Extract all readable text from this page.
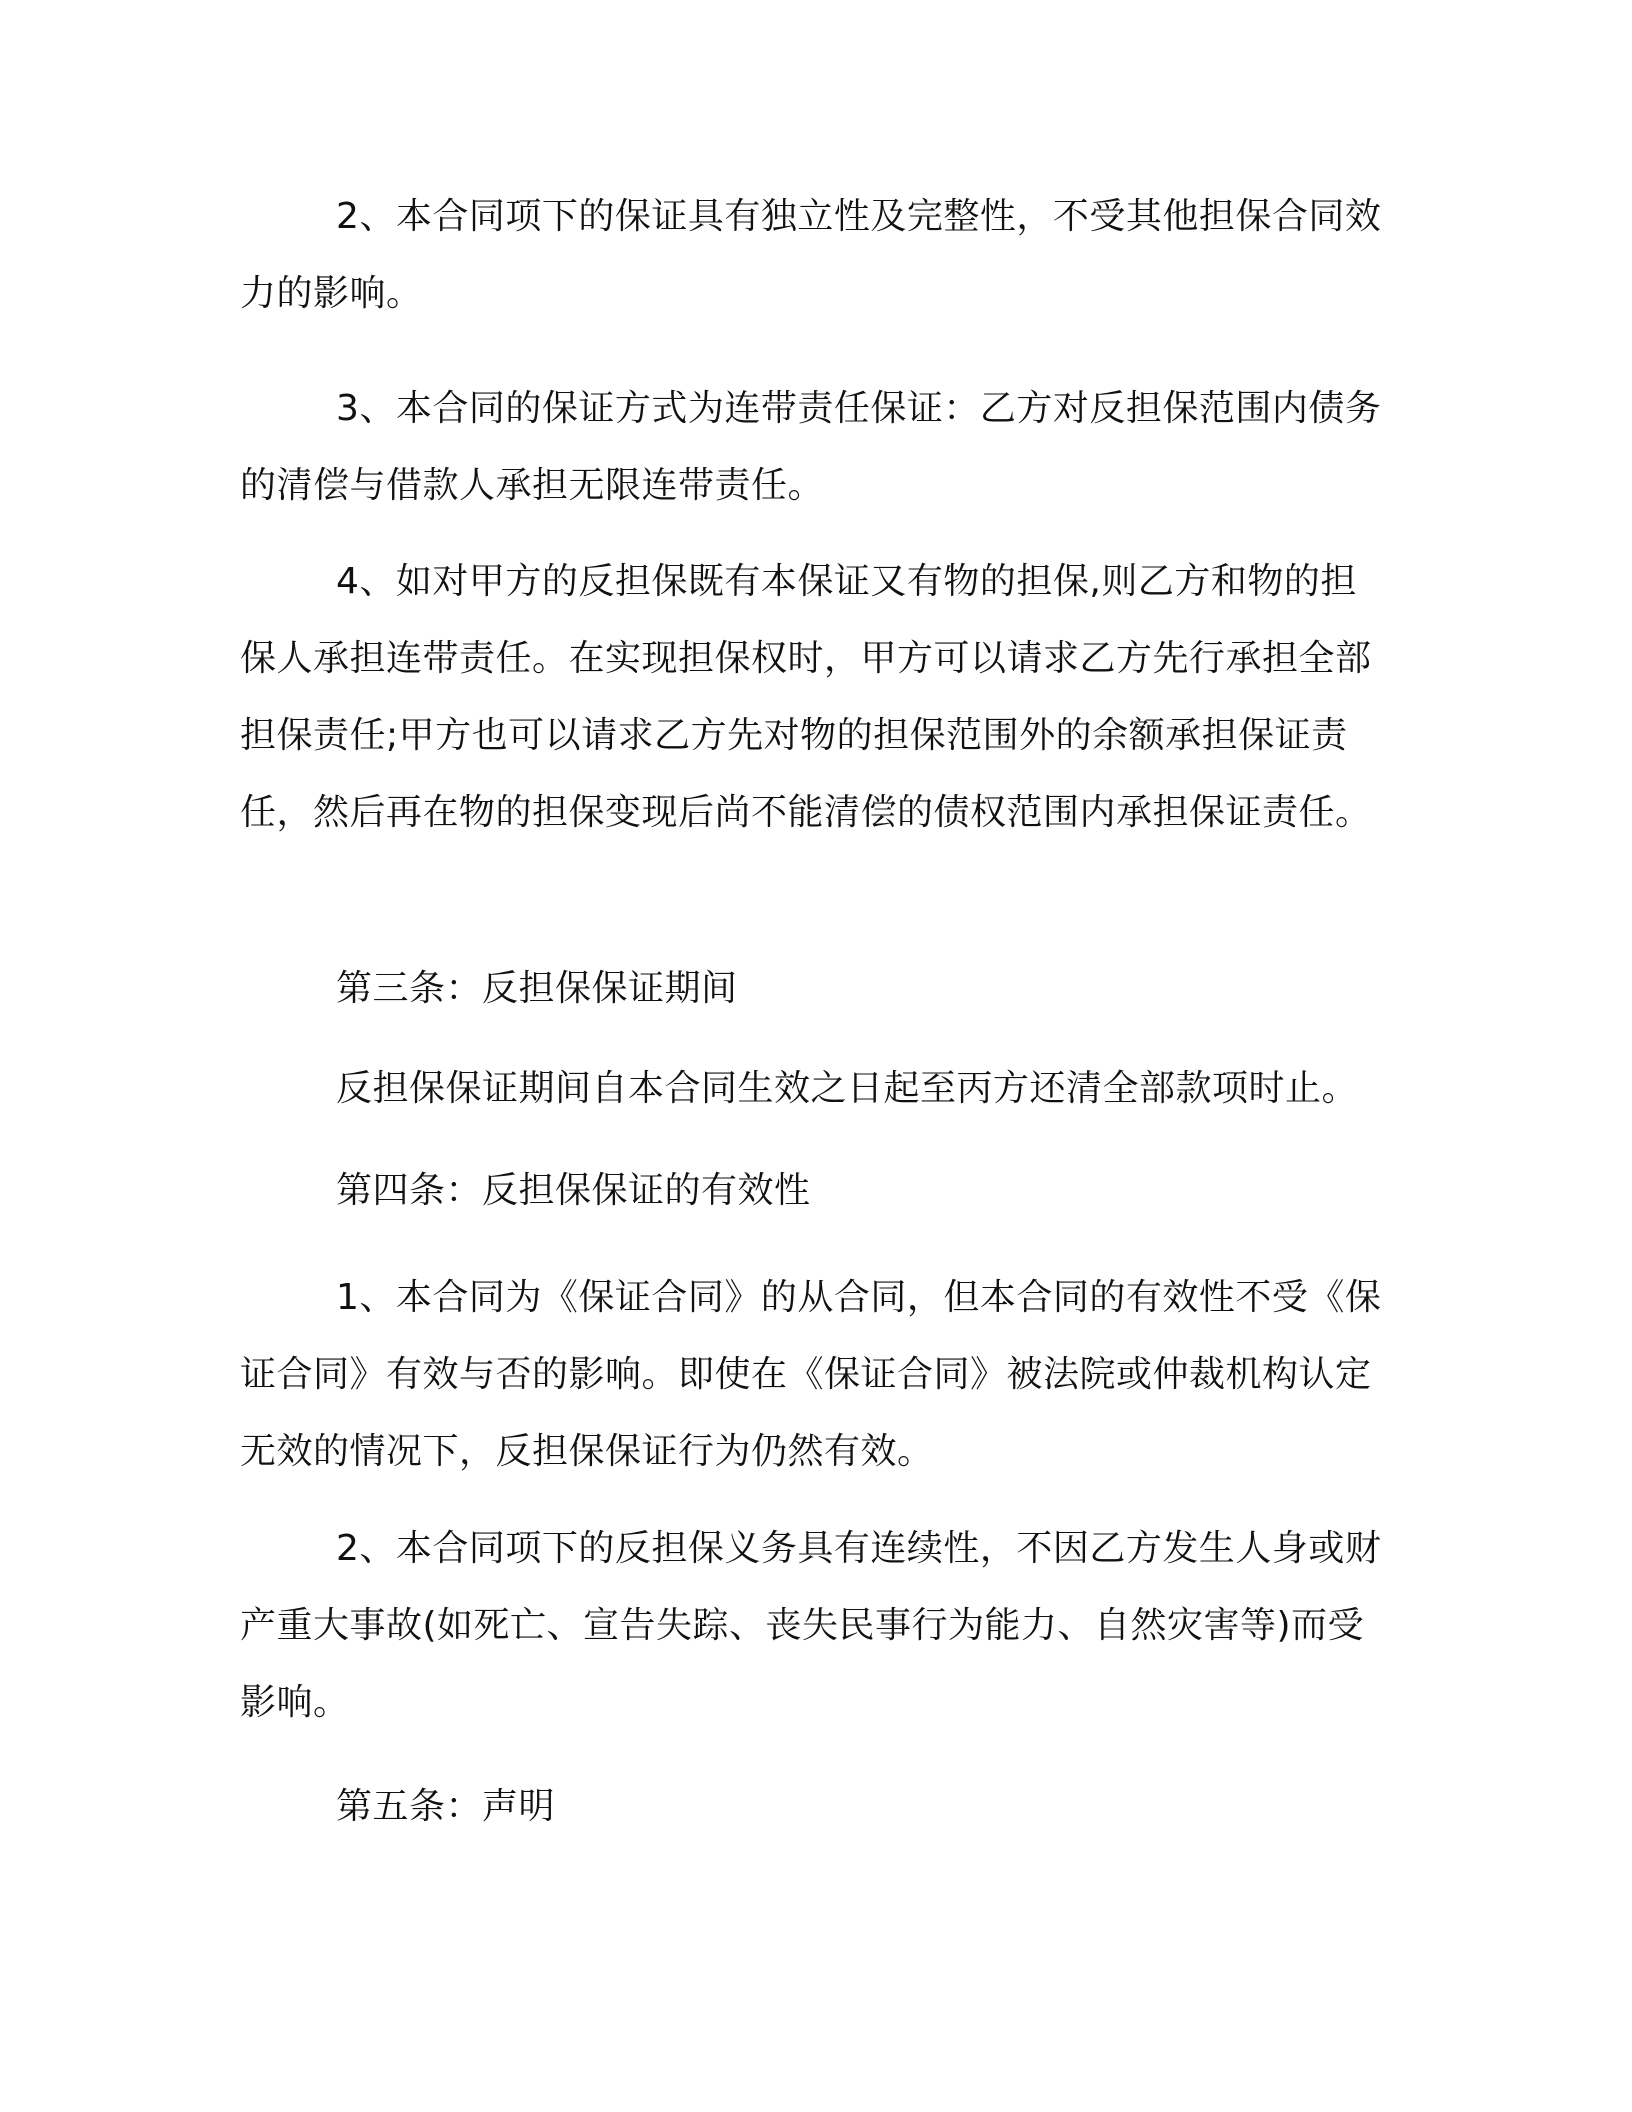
2、本合同项下的保证具有独立性及完整性，不受其他担保合同效力的影响。

3、本合同的保证方式为连带责任保证：乙方对反担保范围内债务的清偿与借款人承担无限连带责任。

4、如对甲方的反担保既有本保证又有物的担保,则乙方和物的担保人承担连带责任。在实现担保权时，甲方可以请求乙方先行承担全部担保责任;甲方也可以请求乙方先对物的担保范围外的余额承担保证责任，然后再在物的担保变现后尚不能清偿的债权范围内承担保证责任。

第三条：反担保保证期间

反担保保证期间自本合同生效之日起至丙方还清全部款项时止。

第四条：反担保保证的有效性

1、本合同为《保证合同》的从合同，但本合同的有效性不受《保证合同》有效与否的影响。即使在《保证合同》被法院或仲裁机构认定无效的情况下，反担保保证行为仍然有效。

2、本合同项下的反担保义务具有连续性，不因乙方发生人身或财产重大事故(如死亡、宣告失踪、丧失民事行为能力、自然灾害等)而受影响。

第五条：声明
